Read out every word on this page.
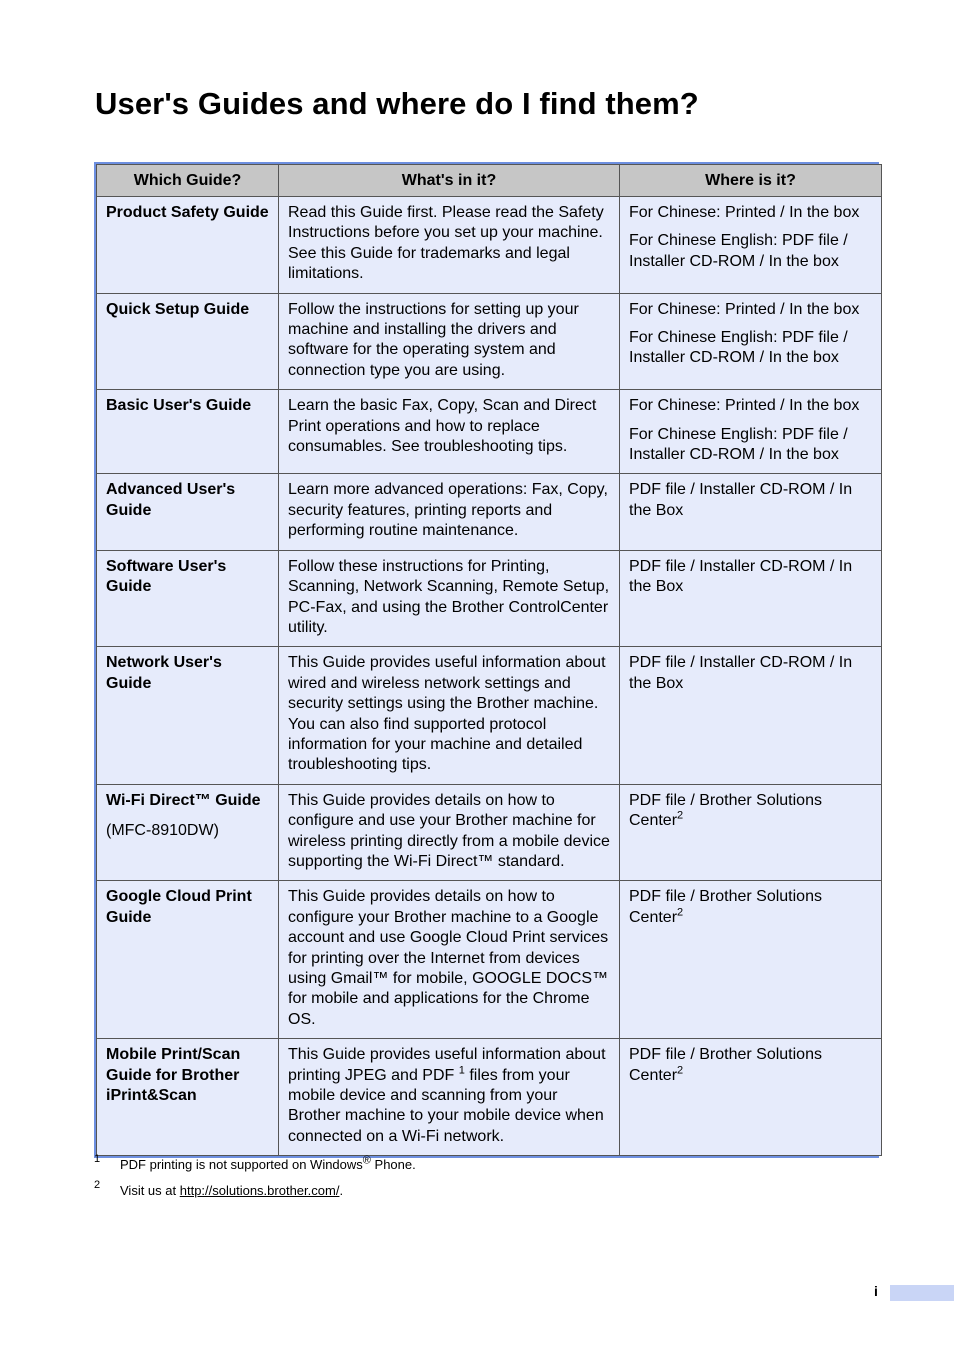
User's Guides and where do I find them?
Which Guide?	What's in it?	Where is it?
Product Safety Guide	Read this Guide first. Please read the Safety Instructions before you set up your machine. See this Guide for trademarks and legal limitations.	For Chinese: Printed / In the box

For Chinese English: PDF file / Installer CD-ROM / In the box

Quick Setup Guide	Follow the instructions for setting up your machine and installing the drivers and software for the operating system and connection type you are using.	For Chinese: Printed / In the box

For Chinese English: PDF file / Installer CD-ROM / In the box

Basic User's Guide	Learn the basic Fax, Copy, Scan and Direct Print operations and how to replace consumables. See troubleshooting tips.	For Chinese: Printed / In the box

For Chinese English: PDF file / Installer CD-ROM / In the box

Advanced User's Guide	Learn more advanced operations: Fax, Copy, security features, printing reports and performing routine maintenance.	PDF file / Installer CD-ROM / In the Box

Software User's Guide	Follow these instructions for Printing, Scanning, Network Scanning, Remote Setup, PC-Fax, and using the Brother ControlCenter utility.	PDF file / Installer CD-ROM / In the Box

Network User's Guide	This Guide provides useful information about wired and wireless network settings and security settings using the Brother machine. You can also find supported protocol information for your machine and detailed troubleshooting tips.	PDF file / Installer CD-ROM / In the Box

Wi-Fi Direct™ Guide
(MFC-8910DW)	This Guide provides details on how to configure and use your Brother machine for wireless printing directly from a mobile device supporting the Wi-Fi Direct™ standard.	PDF file / Brother Solutions Center$^2$

Google Cloud Print Guide	This Guide provides details on how to configure your Brother machine to a Google account and use Google Cloud Print services for printing over the Internet from devices using Gmail™ for mobile, GOOGLE DOCS™ for mobile and applications for the Chrome OS.	PDF file / Brother Solutions Center$^2$

Mobile Print/Scan Guide for Brother iPrint&Scan	This Guide provides useful information about printing JPEG and PDF $^1$ files from your mobile device and scanning from your Brother machine to your mobile device when connected on a Wi-Fi network.	PDF file / Brother Solutions Center$^2$

1 PDF printing is not supported on Windows® Phone.
2 Visit us at http://solutions.brother.com/.
i
